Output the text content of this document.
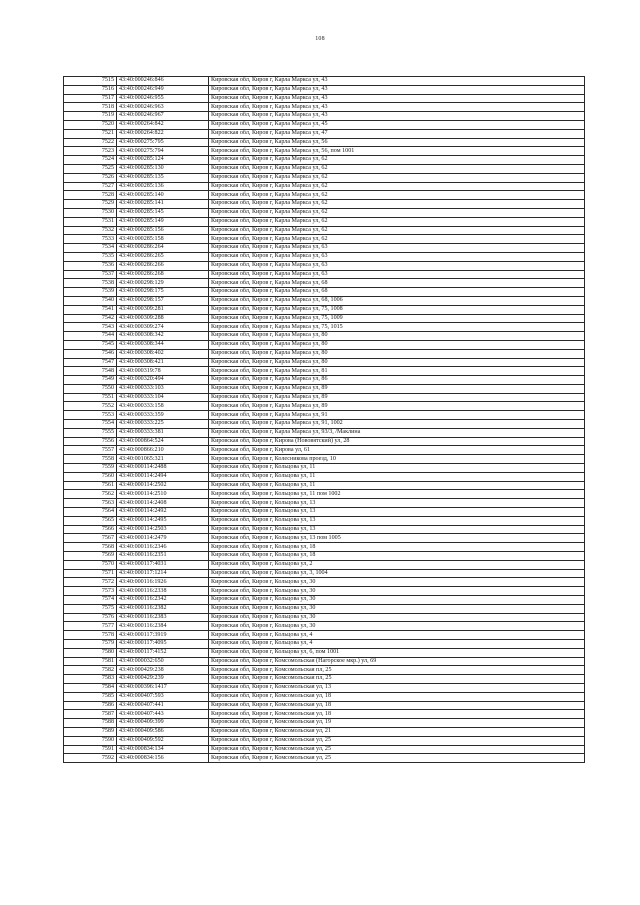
108
7515	43:40:000246:846	Кировская обл, Киров г, Карла Маркса ул, 43
7516	43:40:000246:949	Кировская обл, Киров г, Карла Маркса ул, 43
7517	43:40:000246:955	Кировская обл, Киров г, Карла Маркса ул, 43
7518	43:40:000246:963	Кировская обл, Киров г, Карла Маркса ул, 43
7519	43:40:000246:967	Кировская обл, Киров г, Карла Маркса ул, 43
7520	43:40:000264:842	Кировская обл, Киров г, Карла Маркса ул, 45
7521	43:40:000264:822	Кировская обл, Киров г, Карла Маркса ул, 47
7522	43:40:000275:795	Кировская обл, Киров г, Карла Маркса ул, 56
7523	43:40:000275:794	Кировская обл, Киров г, Карла Маркса ул, 56, пом 1001
7524	43:40:000285:124	Кировская обл, Киров г, Карла Маркса ул, 62
7525	43:40:000285:130	Кировская обл, Киров г, Карла Маркса ул, 62
7526	43:40:000285:135	Кировская обл, Киров г, Карла Маркса ул, 62
7527	43:40:000285:136	Кировская обл, Киров г, Карла Маркса ул, 62
7528	43:40:000285:140	Кировская обл, Киров г, Карла Маркса ул, 62
7529	43:40:000285:141	Кировская обл, Киров г, Карла Маркса ул, 62
7530	43:40:000285:145	Кировская обл, Киров г, Карла Маркса ул, 62
7531	43:40:000285:149	Кировская обл, Киров г, Карла Маркса ул, 62
7532	43:40:000285:156	Кировская обл, Киров г, Карла Маркса ул, 62
7533	43:40:000285:158	Кировская обл, Киров г, Карла Маркса ул, 62
7534	43:40:000286:264	Кировская обл, Киров г, Карла Маркса ул, 63
7535	43:40:000286:265	Кировская обл, Киров г, Карла Маркса ул, 63
7536	43:40:000286:266	Кировская обл, Киров г, Карла Маркса ул, 63
7537	43:40:000286:268	Кировская обл, Киров г, Карла Маркса ул, 63
7538	43:40:000298:129	Кировская обл, Киров г, Карла Маркса ул, 68
7539	43:40:000298:175	Кировская обл, Киров г, Карла Маркса ул, 68
7540	43:40:000298:157	Кировская обл, Киров г, Карла Маркса ул, 68, 1006
7541	43:40:000309:281	Кировская обл, Киров г, Карла Маркса ул, 75, 1008
7542	43:40:000309:288	Кировская обл, Киров г, Карла Маркса ул, 75, 1009
7543	43:40:000309:274	Кировская обл, Киров г, Карла Маркса ул, 75, 1015
7544	43:40:000308:342	Кировская обл, Киров г, Карла Маркса ул, 80
7545	43:40:000308:344	Кировская обл, Киров г, Карла Маркса ул, 80
7546	43:40:000308:402	Кировская обл, Киров г, Карла Маркса ул, 80
7547	43:40:000308:421	Кировская обл, Киров г, Карла Маркса ул, 80
7548	43:40:000319:78	Кировская обл, Киров г, Карла Маркса ул, 81
7549	43:40:000320:494	Кировская обл, Киров г, Карла Маркса ул, 86
7550	43:40:000333:103	Кировская обл, Киров г, Карла Маркса ул, 89
7551	43:40:000333:104	Кировская обл, Киров г, Карла Маркса ул, 89
7552	43:40:000333:158	Кировская обл, Киров г, Карла Маркса ул, 89
7553	43:40:000333:359	Кировская обл, Киров г, Карла Маркса ул, 91
7554	43:40:000333:225	Кировская обл, Киров г, Карла Маркса ул, 91, 1002
7555	43:40:000333:381	Кировская обл, Киров г, Карла Маркса ул, 93/3, /Маклина
7556	43:40:000864:524	Кировская обл, Киров г, Кирова (Нововятский) ул, 28
7557	43:40:000866:210	Кировская обл, Киров г, Кирова ул, 61
7558	43:40:001065:321	Кировская обл, Киров г, Колесникова проезд, 10
7559	43:40:000114:2488	Кировская обл, Киров г, Кольцова ул, 11
7560	43:40:000114:2494	Кировская обл, Киров г, Кольцова ул, 11
7561	43:40:000114:2502	Кировская обл, Киров г, Кольцова ул, 11
7562	43:40:000114:2510	Кировская обл, Киров г, Кольцова ул, 11 пом 1002
7563	43:40:000114:2408	Кировская обл, Киров г, Кольцова ул, 13
7564	43:40:000114:2492	Кировская обл, Киров г, Кольцова ул, 13
7565	43:40:000114:2495	Кировская обл, Киров г, Кольцова ул, 13
7566	43:40:000114:2503	Кировская обл, Киров г, Кольцова ул, 13
7567	43:40:000114:2479	Кировская обл, Киров г, Кольцова ул, 13 пом 1005
7568	43:40:000116:2346	Кировская обл, Киров г, Кольцова ул, 18
7569	43:40:000116:2351	Кировская обл, Киров г, Кольцова ул, 18
7570	43:40:000117:4031	Кировская обл, Киров г, Кольцова ул, 2
7571	43:40:000117:1214	Кировская обл, Киров г, Кольцова ул, 3, 1004
7572	43:40:000116:1926	Кировская обл, Киров г, Кольцова ул, 30
7573	43:40:000116:2338	Кировская обл, Киров г, Кольцова ул, 30
7574	43:40:000116:2342	Кировская обл, Киров г, Кольцова ул, 30
7575	43:40:000116:2382	Кировская обл, Киров г, Кольцова ул, 30
7576	43:40:000116:2383	Кировская обл, Киров г, Кольцова ул, 30
7577	43:40:000116:2384	Кировская обл, Киров г, Кольцова ул, 30
7578	43:40:000117:3919	Кировская обл, Киров г, Кольцова ул, 4
7579	43:40:000117:4095	Кировская обл, Киров г, Кольцова ул, 4
7580	43:40:000117:4152	Кировская обл, Киров г, Кольцова ул, 6, пом 1001
7581	43:40:000032:650	Кировская обл, Киров г, Комсомольская (Нагорское мкр.) ул, 69
7582	43:40:000429:238	Кировская обл, Киров г, Комсомольская пл, 25
7583	43:40:000429:239	Кировская обл, Киров г, Комсомольская пл, 25
7584	43:40:000396:1417	Кировская обл, Киров г, Комсомольская ул, 13
7585	43:40:000407:593	Кировская обл, Киров г, Комсомольская ул, 18
7586	43:40:000407:441	Кировская обл, Киров г, Комсомольская ул, 18
7587	43:40:000407:443	Кировская обл, Киров г, Комсомольская ул, 18
7588	43:40:000409:399	Кировская обл, Киров г, Комсомольская ул, 19
7589	43:40:000409:586	Кировская обл, Киров г, Комсомольская ул, 21
7590	43:40:000409:592	Кировская обл, Киров г, Комсомольская ул, 25
7591	43:40:000834:134	Кировская обл, Киров г, Комсомольская ул, 25
7592	43:40:000834:156	Кировская обл, Киров г, Комсомольская ул, 25
